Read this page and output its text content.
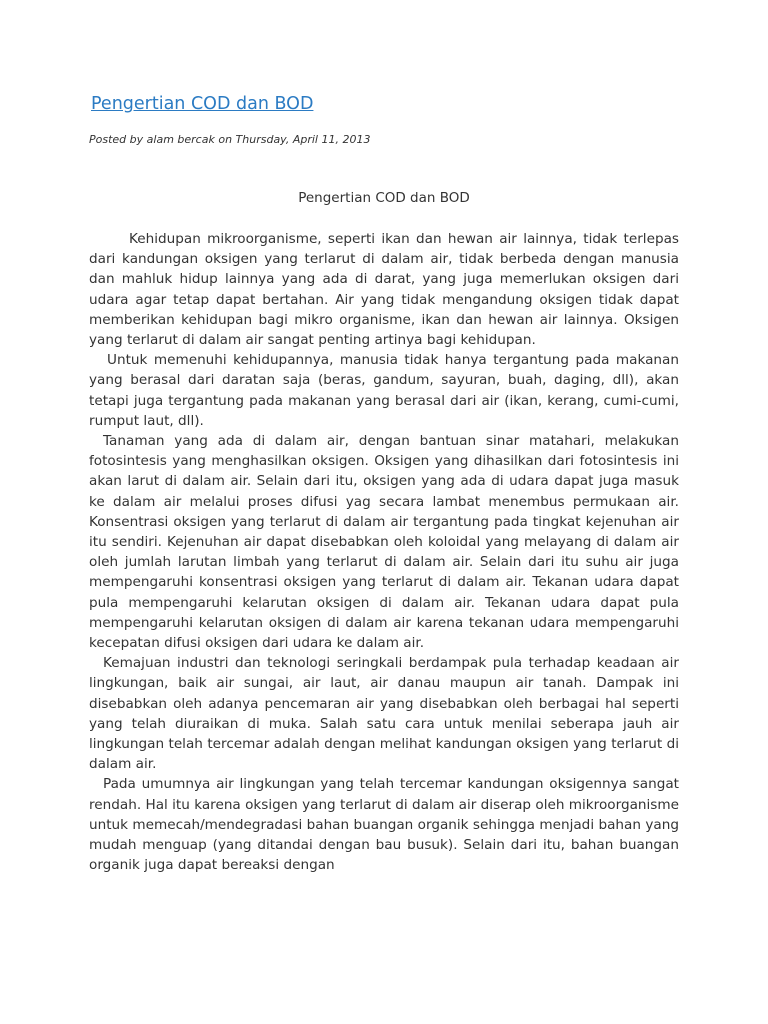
Pengertian COD dan BOD
Posted by alam bercak on Thursday, April 11, 2013
Pengertian COD dan BOD

Kehidupan mikroorganisme, seperti ikan dan hewan air lainnya, tidak terlepas dari kandungan oksigen yang terlarut di dalam air, tidak berbeda dengan manusia dan mahluk hidup lainnya yang ada di darat, yang juga memerlukan oksigen dari udara agar tetap dapat bertahan. Air yang tidak mengandung oksigen tidak dapat memberikan kehidupan bagi mikro organisme, ikan dan hewan air lainnya. Oksigen yang terlarut di dalam air sangat penting artinya bagi kehidupan.

Untuk memenuhi kehidupannya, manusia tidak hanya tergantung pada makanan yang berasal dari daratan saja (beras, gandum, sayuran, buah, daging, dll), akan tetapi juga tergantung pada makanan yang berasal dari air (ikan, kerang, cumi-cumi, rumput laut, dll).

Tanaman yang ada di dalam air, dengan bantuan sinar matahari, melakukan fotosintesis yang menghasilkan oksigen. Oksigen yang dihasilkan dari fotosintesis ini akan larut di dalam air. Selain dari itu, oksigen yang ada di udara dapat juga masuk ke dalam air melalui proses difusi yag secara lambat menembus permukaan air. Konsentrasi oksigen yang terlarut di dalam air tergantung pada tingkat kejenuhan air itu sendiri. Kejenuhan air dapat disebabkan oleh koloidal yang melayang di dalam air oleh jumlah larutan limbah yang terlarut di dalam air. Selain dari itu suhu air juga mempengaruhi konsentrasi oksigen yang terlarut di dalam air. Tekanan udara dapat pula mempengaruhi kelarutan oksigen di dalam air. Tekanan udara dapat pula mempengaruhi kelarutan oksigen di dalam air karena tekanan udara mempengaruhi kecepatan difusi oksigen dari udara ke dalam air.

Kemajuan industri dan teknologi seringkali berdampak pula terhadap keadaan air lingkungan, baik air sungai, air laut, air danau maupun air tanah. Dampak ini disebabkan oleh adanya pencemaran air yang disebabkan oleh berbagai hal seperti yang telah diuraikan di muka. Salah satu cara untuk menilai seberapa jauh air lingkungan telah tercemar adalah dengan melihat kandungan oksigen yang terlarut di dalam air.

Pada umumnya air lingkungan yang telah tercemar kandungan oksigennya sangat rendah. Hal itu karena oksigen yang terlarut di dalam air diserap oleh mikroorganisme untuk memecah/mendegradasi bahan buangan organik sehingga menjadi bahan yang mudah menguap (yang ditandai dengan bau busuk). Selain dari itu, bahan buangan organik juga dapat bereaksi dengan
